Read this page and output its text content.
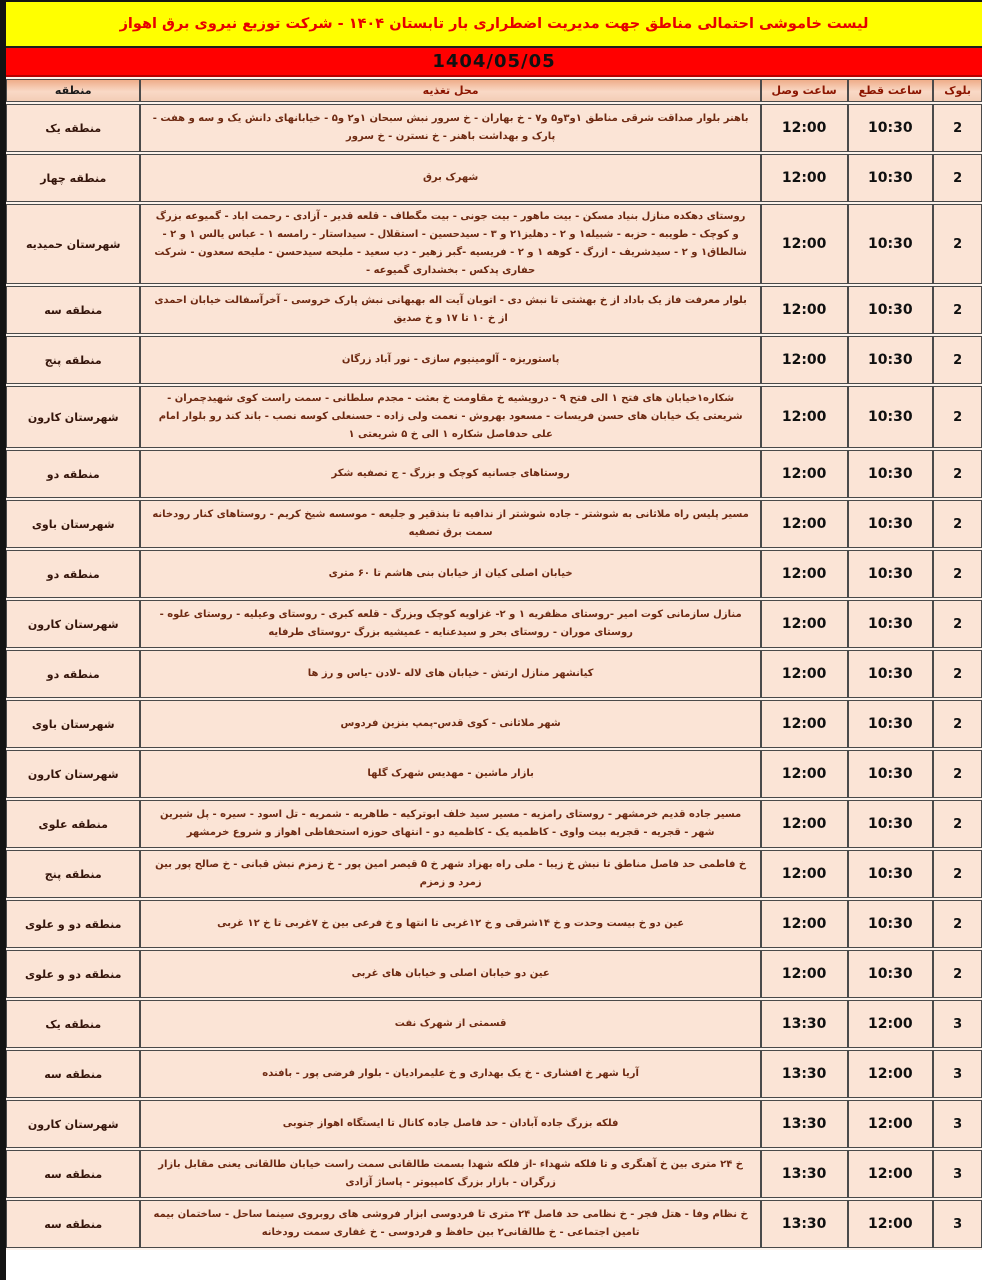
لیست خاموشی احتمالی مناطق جهت مدیریت اضطراری بار تابستان ۱۴۰۴ - شرکت توزیع نیروی برق اهواز
1404/05/05
منطقه	محل تغذیه	ساعت وصل	ساعت قطع	بلوک
منطقه یک	باهنر بلوار صداقت شرقی مناطق ۱و۳و۵ و۷ - خ بهاران - خ سرور نبش سبحان ۱و۲ و۵ - خیابانهای دانش یک و سه و هفت - پارک و بهداشت باهنر - خ نسترن - خ سرور	12:00	10:30	2
منطقه چهار	شهرک برق	12:00	10:30	2
شهرستان حمیدیه	روستای دهکده منازل بنیاد مسکن - بیت ماهور - بیت جونی - بیت مگطاف - قلعه قدیر - آزادی - رحمت اباد - گمیوعه بزرگ و کوچک - طویبه - حزبه - شبیله۱ و ۲ - دهلیز۲۱ و ۳ - سیدحسین - استقلال - سیداستار - رامسه ۱ - عباس یالس ۱ و ۲ - شالطاق۱ و ۲ - سیدشریف - ازرگ - کوهه ۱ و ۲ - فریسیه -گبر زهیر - دب سعید - ملیحه سیدحسن - ملیحه سعدون - شرکت حفاری پدکس - بخشداری گمیوعه -	12:00	10:30	2
منطقه سه	بلوار معرفت فاز یک باداد از خ بهشتی تا نبش دی - اتوبان آیت اله بهبهانی نبش پارک خروسی - آخرآسفالت خیابان احمدی از خ ۱۰ تا ۱۷ و خ صدیق	12:00	10:30	2
منطقه پنج	پاستوریزه - آلومینیوم سازی - نور آباد زرگان	12:00	10:30	2
شهرستان کارون	شکاره۱خیابان های فتح ۱ الی فتح ۹ - درویشیه خ مقاومت خ بعثت - مجدم سلطانی - سمت راست کوی شهیدچمران - شریعتی یک خیابان های حسن فریسات - مسعود بهروش - نعمت ولی زاده - حسنعلی کوسه نصب - باند کند رو بلوار امام علی حدفاصل شکاره ۱ الی خ ۵ شریعتی ۱	12:00	10:30	2
منطقه دو	روستاهای جسانیه کوچک و بزرگ - ج تصفیه شکر	12:00	10:30	2
شهرستان باوی	مسیر پلیس راه ملاثانی به شوشتر - جاده شوشتر از ندافیه تا بنذقیر و جلیعه - موسسه شیخ کریم - روستاهای کنار رودخانه سمت برق تصفیه	12:00	10:30	2
منطقه دو	خیابان اصلی کیان از خیابان بنی هاشم تا ۶۰ متری	12:00	10:30	2
شهرستان کارون	منازل سازمانی کوت امیر -روستای مظفریه ۱ و ۲- غزاویه کوچک وبزرگ - قلعه کبری - روستای وعیلیه - روستای علوه - روستای موران - روستای بحر و سیدعنایه - عمیشیه بزرگ -روستای طرفایه	12:00	10:30	2
منطقه دو	کیانشهر منازل ارتش - خیابان های لاله -لادن -یاس و رز ها	12:00	10:30	2
شهرستان باوی	شهر ملاثانی - کوی قدس-پمپ بنزین فردوس	12:00	10:30	2
شهرستان کارون	بازار ماشین - مهدیس شهرک گلها	12:00	10:30	2
منطقه علوی	مسیر جاده قدیم خرمشهر - روستای رامزیه - مسیر سید خلف ابوترکیه - طاهریه - شمریه - تل اسود - سیره - پل شیرین شهر - قجریه - قجریه بیت واوی - کاظمیه یک - کاظمیه دو - انتهای حوزه استحفاظی اهواز و شروع خرمشهر	12:00	10:30	2
منطقه پنج	خ فاطمی حد فاصل مناطق تا نبش خ زیبا - ملی راه بهزاد شهر خ ۵ قیصر امین پور - خ زمزم نبش قبانی - خ صالح پور بین زمرد و زمزم	12:00	10:30	2
منطقه دو و علوی	عین دو خ بیست وحدت و خ ۱۴شرقی و خ ۱۲غربی تا انتها و خ فرعی بین خ ۷غربی تا خ ۱۲ غربی	12:00	10:30	2
منطقه دو و علوی	عین دو خیابان اصلی و خیابان های غربی	12:00	10:30	2
منطقه یک	قسمتی از شهرک نفت	13:30	12:00	3
منطقه سه	آریا شهر خ افشاری - خ یک بهداری و خ علیمرادیان - بلوار فرضی پور - بافنده	13:30	12:00	3
شهرستان کارون	فلکه بزرگ جاده آبادان - حد فاصل جاده کانال تا ایستگاه اهواز جنوبی	13:30	12:00	3
منطقه سه	خ ۲۴ متری بین خ آهنگری و تا فلکه شهداء -از فلکه شهدا بسمت طالقانی سمت راست خیابان طالقانی یعنی مقابل بازار زرگران - بازار بزرگ کامپیوتر - پاساژ آزادی	13:30	12:00	3
منطقه سه	خ نظام وفا - هتل فجر - خ نظامی حد فاصل ۲۴ متری تا فردوسی ابزار فروشی های روبروی سینما ساحل - ساختمان بیمه تامین اجتماعی - خ طالقانی۲ بین حافظ و فردوسی - خ غفاری سمت رودخانه	13:30	12:00	3
